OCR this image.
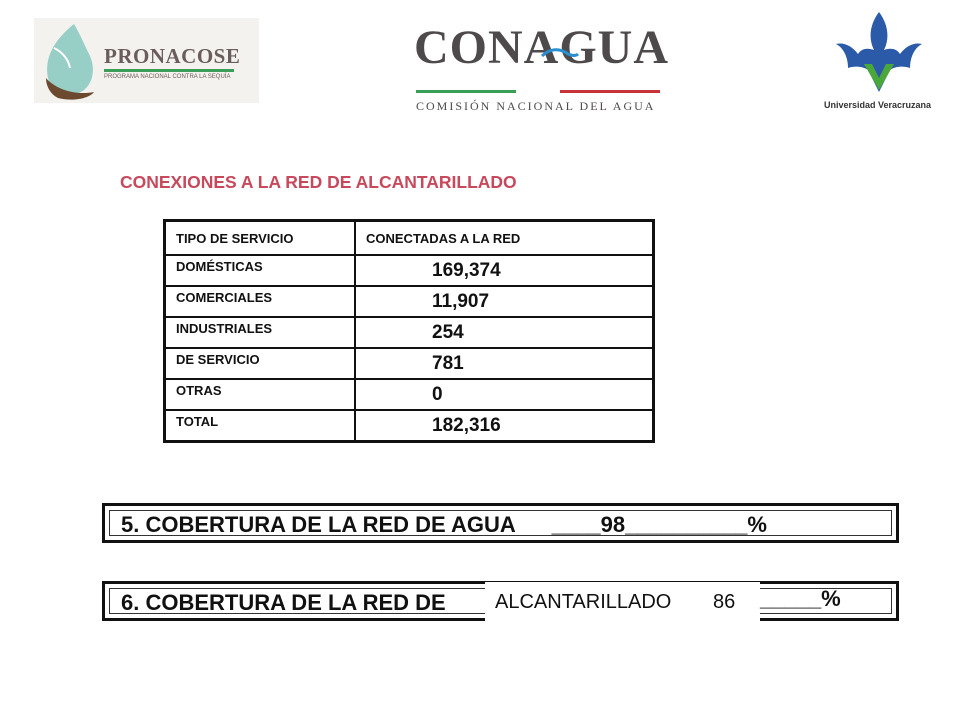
PRONACOSE
PROGRAMA NACIONAL CONTRA LA SEQUÍA
CONAGUA
COMISIÓN NACIONAL DEL AGUA	Universidad Veracruzana
CONEXIONES A LA RED DE ALCANTARILLADO
TIPO DE SERVICIO	CONECTADAS A LA RED
DOMÉSTICAS	169,374
COMERCIALES	11,907
INDUSTRIALES	254
DE SERVICIO	781
OTRAS	0
TOTAL	182,316
5. COBERTURA DE LA RED DE AGUA      ____98__________%
6. COBERTURA DE LA RED DE ALCANTARILLADO 86 _____%
